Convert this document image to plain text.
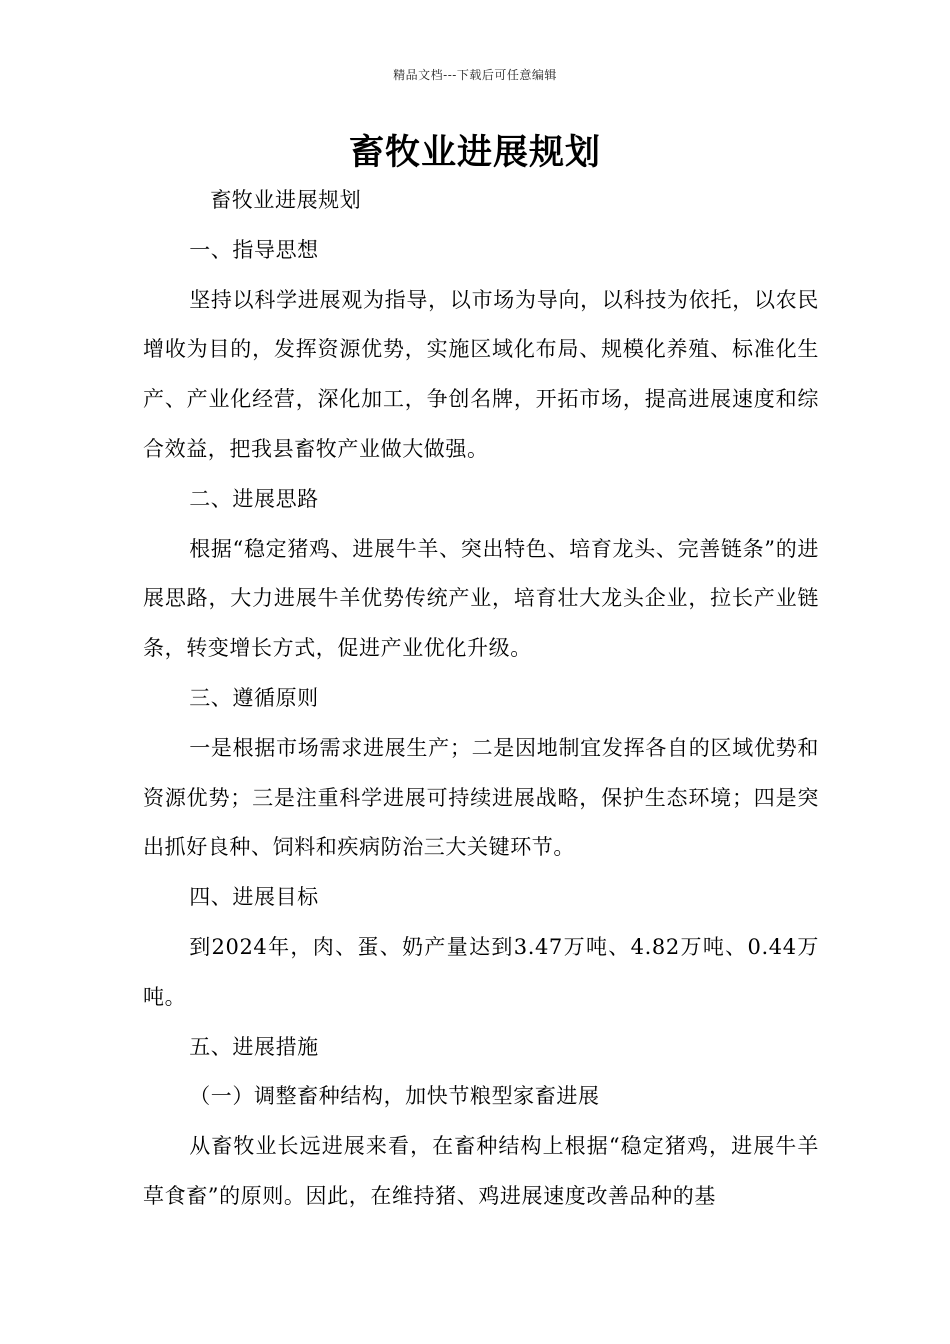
精品文档---下载后可任意编辑
畜牧业进展规划

畜牧业进展规划

一、指导思想

坚持以科学进展观为指导，以市场为导向，以科技为依托，以农民增收为目的，发挥资源优势，实施区域化布局、规模化养殖、标准化生产、产业化经营，深化加工，争创名牌，开拓市场，提高进展速度和综合效益，把我县畜牧产业做大做强。

二、进展思路

根据“稳定猪鸡、进展牛羊、突出特色、培育龙头、完善链条”的进展思路，大力进展牛羊优势传统产业，培育壮大龙头企业，拉长产业链条，转变增长方式，促进产业优化升级。

三、遵循原则

一是根据市场需求进展生产；二是因地制宜发挥各自的区域优势和资源优势；三是注重科学进展可持续进展战略，保护生态环境；四是突出抓好良种、饲料和疾病防治三大关键环节。

四、进展目标

到2024年，肉、蛋、奶产量达到3.47万吨、4.82万吨、0.44万吨。

五、进展措施

（一）调整畜种结构，加快节粮型家畜进展

从畜牧业长远进展来看，在畜种结构上根据“稳定猪鸡，进展牛羊草食畜”的原则。因此，在维持猪、鸡进展速度改善品种的基
